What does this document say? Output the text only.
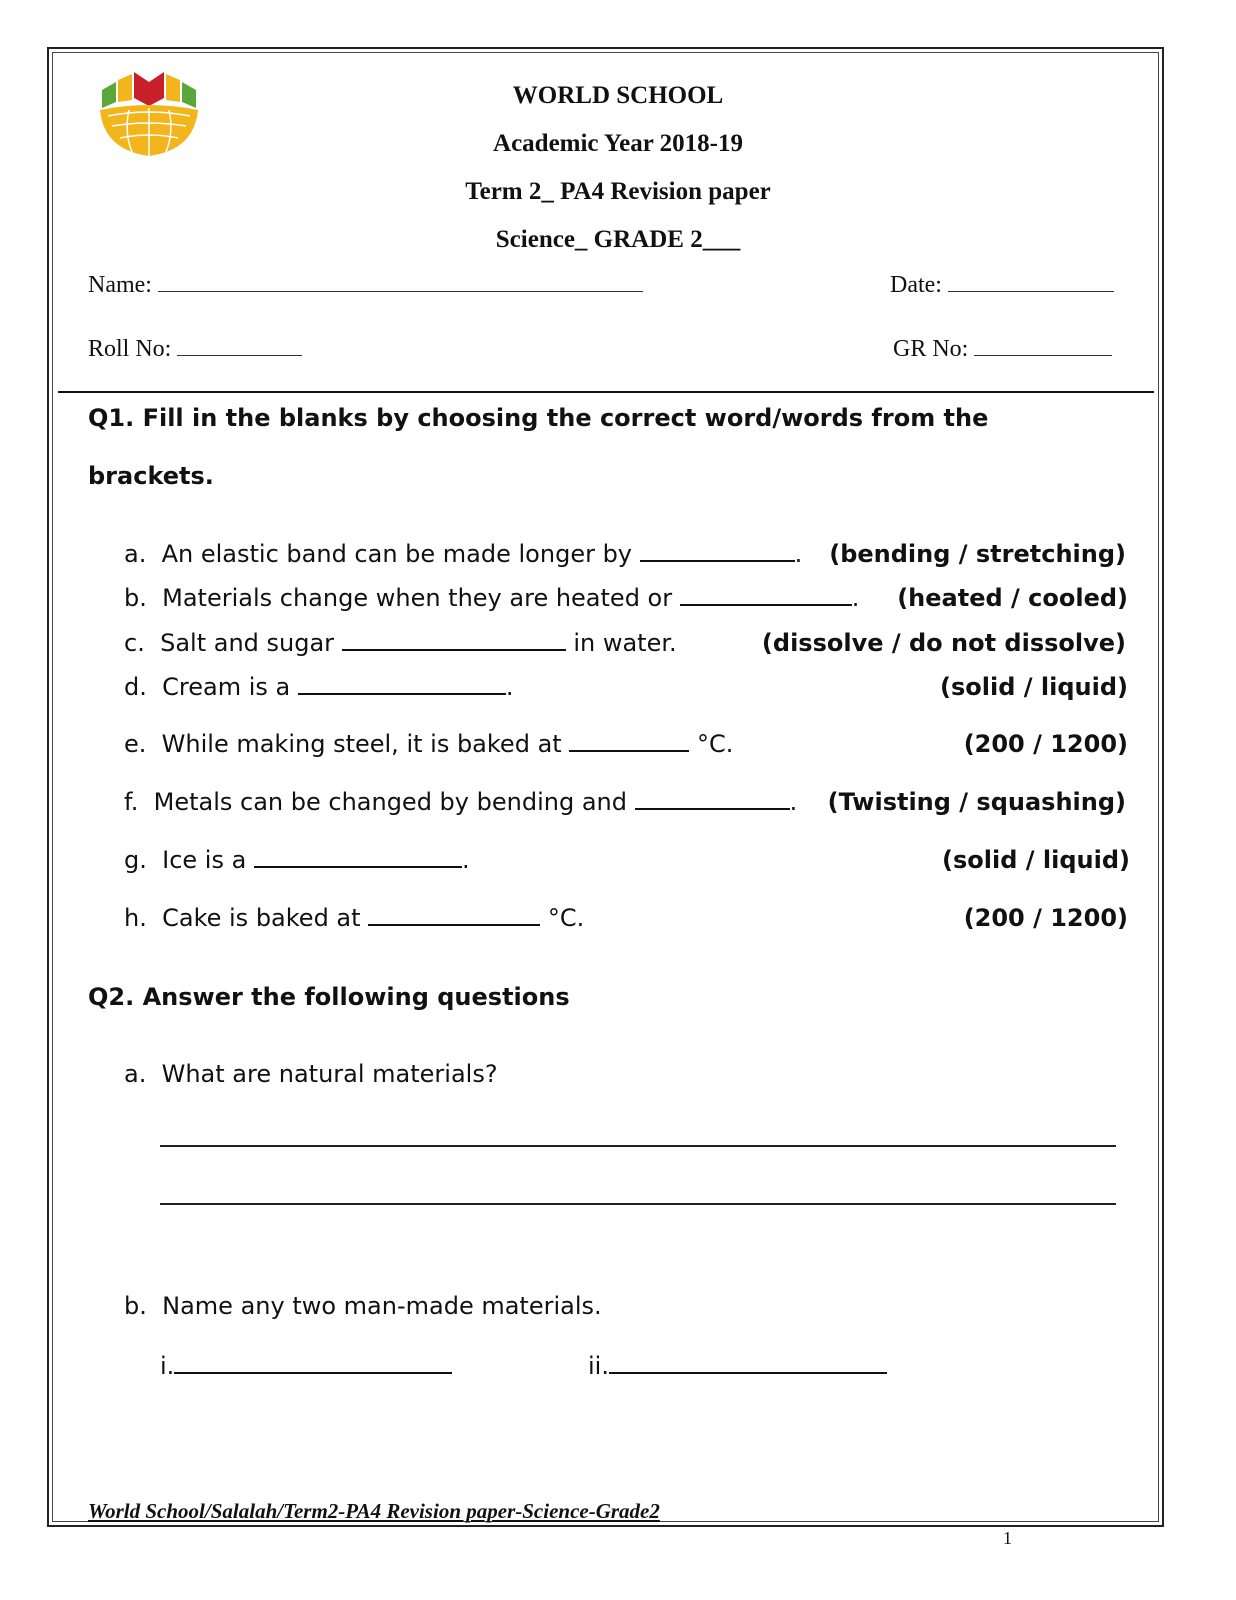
WORLD SCHOOL
Academic Year 2018-19
Term 2_ PA4 Revision paper
Science_ GRADE 2___
Name:	Date:
Roll No:	GR No:
Q1. Fill in the blanks by choosing the correct word/words from the
brackets.
a. An elastic band can be made longer by	.	(bending / stretching)
b. Materials change when they are heated or	.	(heated / cooled)
c. Salt and sugar	in water.	(dissolve / do not dissolve)
d. Cream is a	.	(solid / liquid)
e. While making steel, it is baked at	°C.	(200 / 1200)
f. Metals can be changed by bending and	.	(Twisting / squashing)
g. Ice is a	.	(solid / liquid)
h. Cake is baked at	°C.	(200 / 1200)
Q2. Answer the following questions
a. What are natural materials?
b. Name any two man-made materials.
i.	ii.
World School/Salalah/Term2-PA4 Revision paper-Science-Grade2
1
